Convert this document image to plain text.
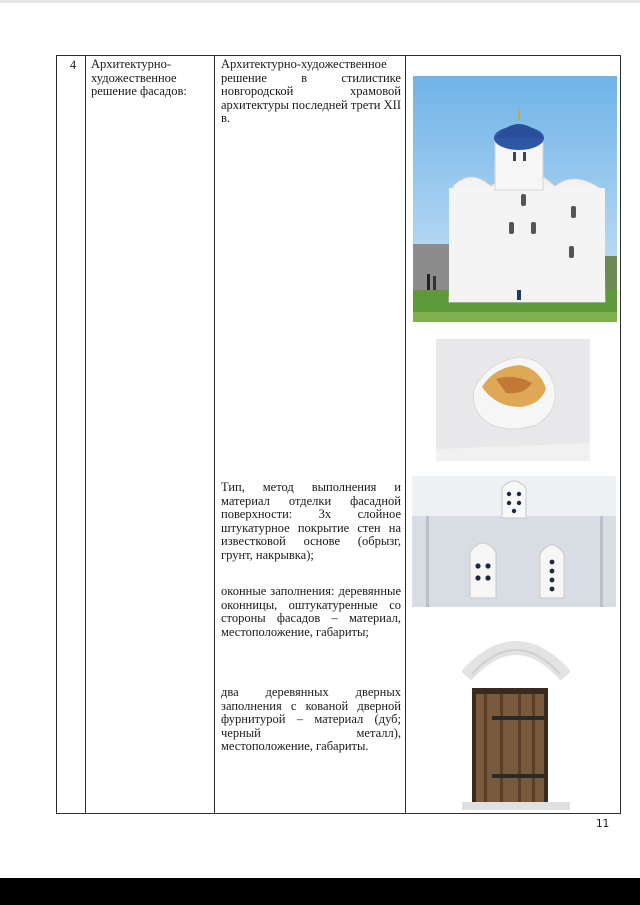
4	Архитектурно-художественное решение фасадов:
Архитектурно-художественное решение в стилистике новгородской храмовой архитектуры последней трети XII в.
Тип, метод выполнения и материал отделки фасадной поверхности: 3х слойное штукатурное покрытие стен на известковой основе (обрызг, грунт, накрывка);
оконные заполнения: деревянные оконницы, оштукатуренные со стороны фасадов – материал, местоположение, габариты;
два деревянных дверных заполнения с кованой дверной фурнитурой – материал (дуб; черный металл), местоположение, габариты.
11
